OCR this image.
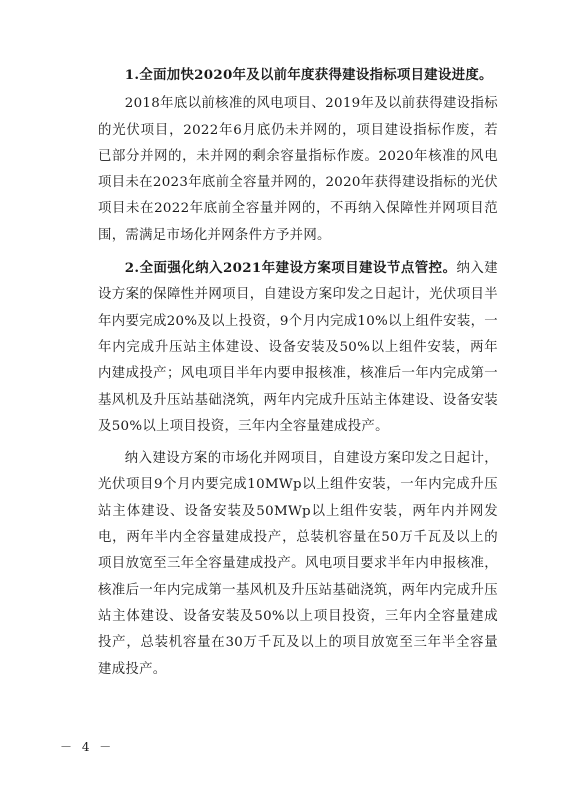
1.全面加快2020年及以前年度获得建设指标项目建设进度。

2018年底以前核准的风电项目、2019年及以前获得建设指标的光伏项目，2022年6月底仍未并网的，项目建设指标作废，若已部分并网的，未并网的剩余容量指标作废。2020年核准的风电项目未在2023年底前全容量并网的，2020年获得建设指标的光伏项目未在2022年底前全容量并网的，不再纳入保障性并网项目范围，需满足市场化并网条件方予并网。

2.全面强化纳入2021年建设方案项目建设节点管控。纳入建设方案的保障性并网项目，自建设方案印发之日起计，光伏项目半年内要完成20%及以上投资，9个月内完成10%以上组件安装，一年内完成升压站主体建设、设备安装及50%以上组件安装，两年内建成投产；风电项目半年内要申报核准，核准后一年内完成第一基风机及升压站基础浇筑，两年内完成升压站主体建设、设备安装及50%以上项目投资，三年内全容量建成投产。

纳入建设方案的市场化并网项目，自建设方案印发之日起计，光伏项目9个月内要完成10MWp以上组件安装，一年内完成升压站主体建设、设备安装及50MWp以上组件安装，两年内并网发电，两年半内全容量建成投产，总装机容量在50万千瓦及以上的项目放宽至三年全容量建成投产。风电项目要求半年内申报核准，核准后一年内完成第一基风机及升压站基础浇筑，两年内完成升压站主体建设、设备安装及50%以上项目投资，三年内全容量建成投产，总装机容量在30万千瓦及以上的项目放宽至三年半全容量建成投产。

－ 4 －
